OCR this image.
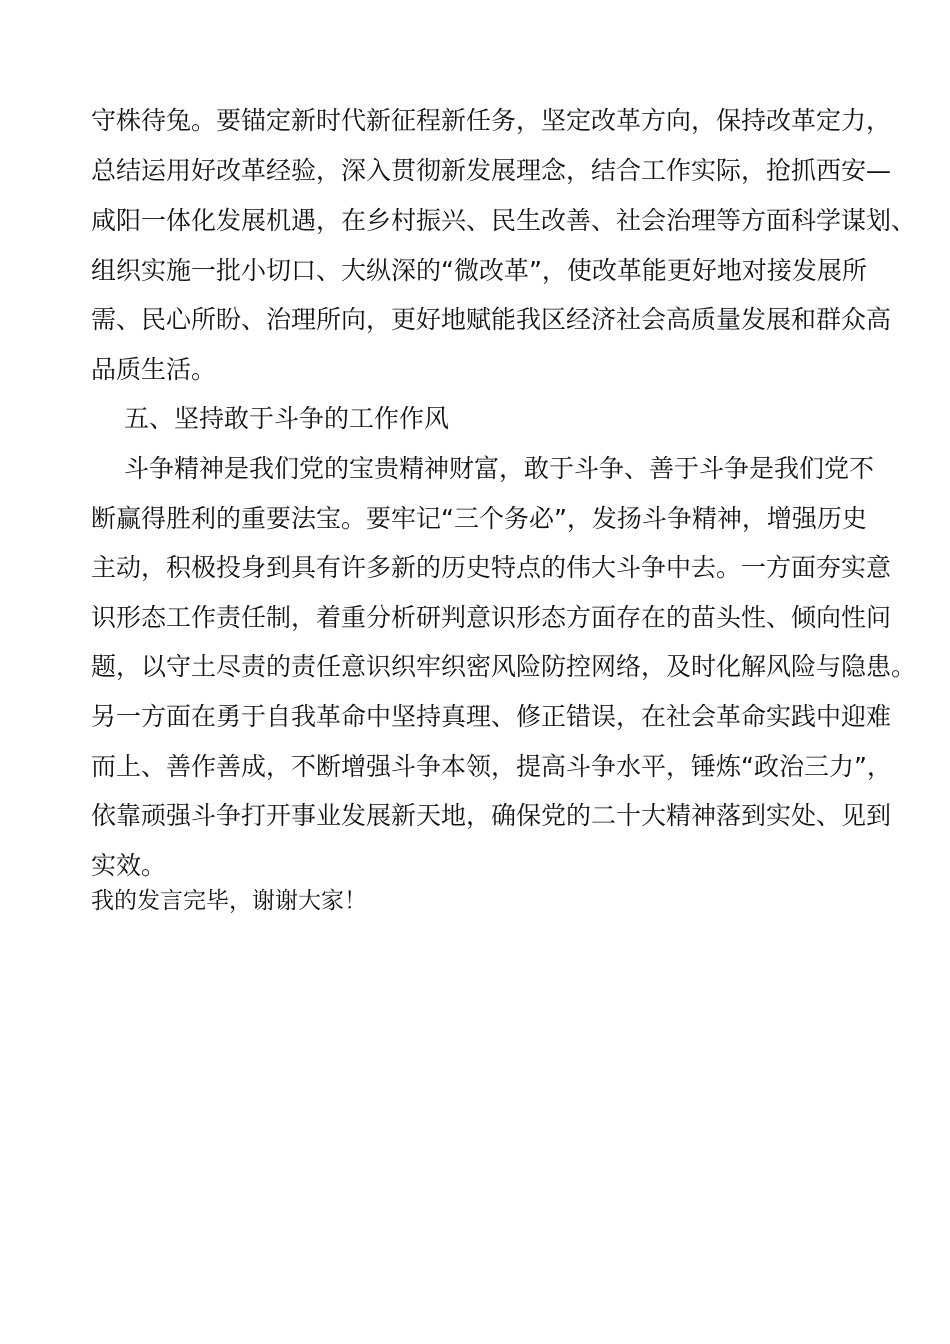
守株待兔。要锚定新时代新征程新任务，坚定改革方向，保持改革定力，
总结运用好改革经验，深入贯彻新发展理念，结合工作实际，抢抓西安—
咸阳一体化发展机遇，在乡村振兴、民生改善、社会治理等方面科学谋划、
组织实施一批小切口、大纵深的“微改革”，使改革能更好地对接发展所
需、民心所盼、治理所向，更好地赋能我区经济社会高质量发展和群众高
品质生活。
五、坚持敢于斗争的工作作风
斗争精神是我们党的宝贵精神财富，敢于斗争、善于斗争是我们党不
断赢得胜利的重要法宝。要牢记“三个务必”，发扬斗争精神，增强历史
主动，积极投身到具有许多新的历史特点的伟大斗争中去。一方面夯实意
识形态工作责任制，着重分析研判意识形态方面存在的苗头性、倾向性问
题，以守土尽责的责任意识织牢织密风险防控网络，及时化解风险与隐患。
另一方面在勇于自我革命中坚持真理、修正错误，在社会革命实践中迎难
而上、善作善成，不断增强斗争本领，提高斗争水平，锤炼“政治三力”，
依靠顽强斗争打开事业发展新天地，确保党的二十大精神落到实处、见到
实效。
我的发言完毕，谢谢大家！
